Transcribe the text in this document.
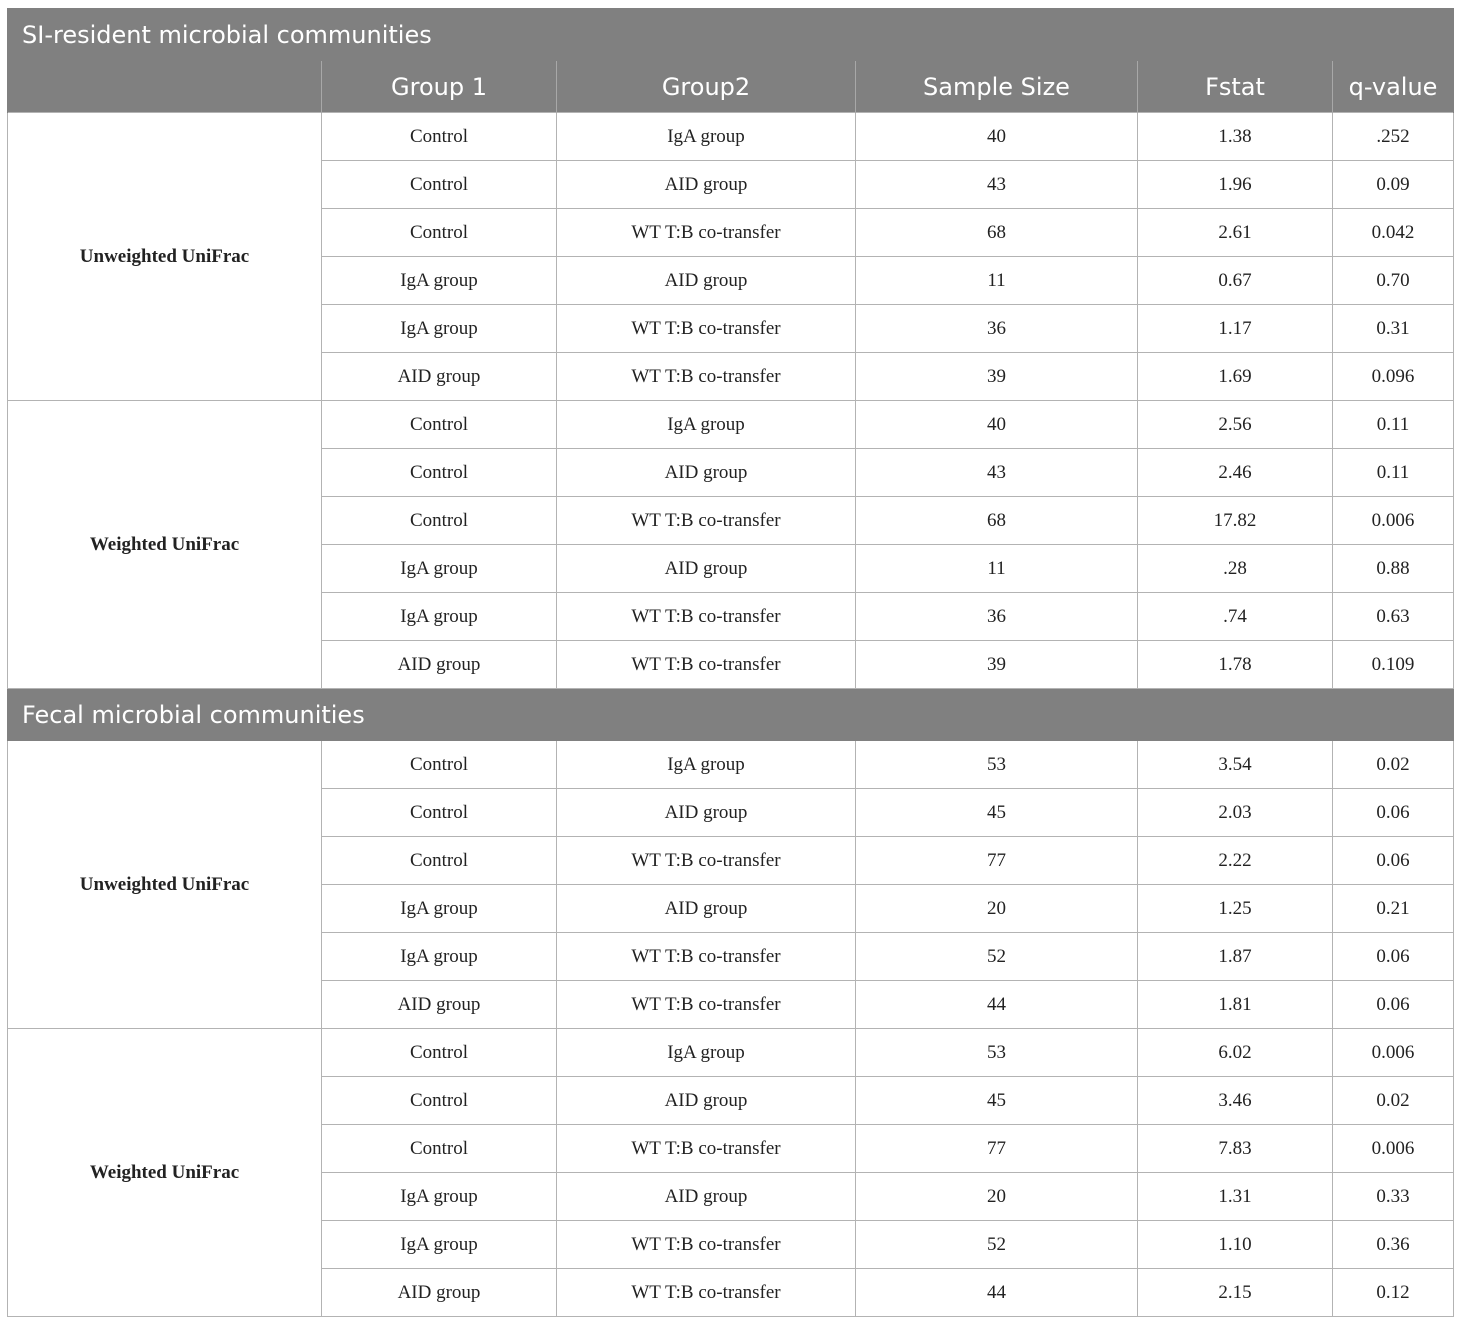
SI-resident microbial communities					
	Group 1	Group2	Sample Size	Fstat	q-value
Unweighted UniFrac	Control	IgA group	40	1.38	.252
	Control	AID group	43	1.96	0.09
	Control	WT T:B co-transfer	68	2.61	0.042
	IgA group	AID group	11	0.67	0.70
	IgA group	WT T:B co-transfer	36	1.17	0.31
	AID group	WT T:B co-transfer	39	1.69	0.096
Weighted UniFrac	Control	IgA group	40	2.56	0.11
	Control	AID group	43	2.46	0.11
	Control	WT T:B co-transfer	68	17.82	0.006
	IgA group	AID group	11	.28	0.88
	IgA group	WT T:B co-transfer	36	.74	0.63
	AID group	WT T:B co-transfer	39	1.78	0.109
Fecal microbial communities					
Unweighted UniFrac	Control	IgA group	53	3.54	0.02
	Control	AID group	45	2.03	0.06
	Control	WT T:B co-transfer	77	2.22	0.06
	IgA group	AID group	20	1.25	0.21
	IgA group	WT T:B co-transfer	52	1.87	0.06
	AID group	WT T:B co-transfer	44	1.81	0.06
Weighted UniFrac	Control	IgA group	53	6.02	0.006
	Control	AID group	45	3.46	0.02
	Control	WT T:B co-transfer	77	7.83	0.006
	IgA group	AID group	20	1.31	0.33
	IgA group	WT T:B co-transfer	52	1.10	0.36
	AID group	WT T:B co-transfer	44	2.15	0.12
